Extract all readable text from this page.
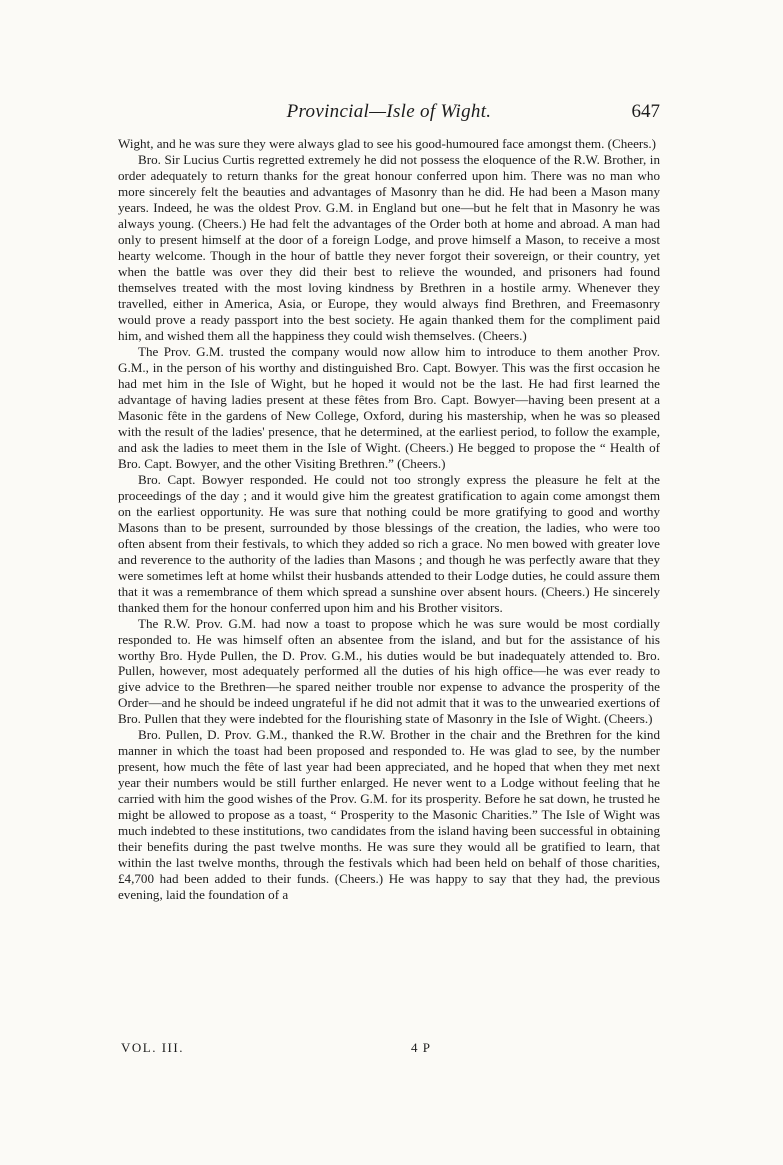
Provincial—Isle of Wight.	647

Wight, and he was sure they were always glad to see his good-humoured face amongst them. (Cheers.)

Bro. Sir Lucius Curtis regretted extremely he did not possess the eloquence of the R.W. Brother, in order adequately to return thanks for the great honour conferred upon him. There was no man who more sincerely felt the beauties and advantages of Masonry than he did. He had been a Mason many years. Indeed, he was the oldest Prov. G.M. in England but one—but he felt that in Masonry he was always young. (Cheers.) He had felt the advantages of the Order both at home and abroad. A man had only to present himself at the door of a foreign Lodge, and prove himself a Mason, to receive a most hearty welcome. Though in the hour of battle they never forgot their sovereign, or their country, yet when the battle was over they did their best to relieve the wounded, and prisoners had found themselves treated with the most loving kindness by Brethren in a hostile army. Whenever they travelled, either in America, Asia, or Europe, they would always find Brethren, and Freemasonry would prove a ready passport into the best society. He again thanked them for the compliment paid him, and wished them all the happiness they could wish themselves. (Cheers.)

The Prov. G.M. trusted the company would now allow him to introduce to them another Prov. G.M., in the person of his worthy and distinguished Bro. Capt. Bowyer. This was the first occasion he had met him in the Isle of Wight, but he hoped it would not be the last. He had first learned the advantage of having ladies present at these fêtes from Bro. Capt. Bowyer—having been present at a Masonic fête in the gardens of New College, Oxford, during his mastership, when he was so pleased with the result of the ladies' presence, that he determined, at the earliest period, to follow the example, and ask the ladies to meet them in the Isle of Wight. (Cheers.) He begged to propose the “ Health of Bro. Capt. Bowyer, and the other Visiting Brethren.” (Cheers.)

Bro. Capt. Bowyer responded. He could not too strongly express the pleasure he felt at the proceedings of the day ; and it would give him the greatest gratification to again come amongst them on the earliest opportunity. He was sure that nothing could be more gratifying to good and worthy Masons than to be present, surrounded by those blessings of the creation, the ladies, who were too often absent from their festivals, to which they added so rich a grace. No men bowed with greater love and reverence to the authority of the ladies than Masons ; and though he was perfectly aware that they were sometimes left at home whilst their husbands attended to their Lodge duties, he could assure them that it was a remembrance of them which spread a sunshine over absent hours. (Cheers.) He sincerely thanked them for the honour conferred upon him and his Brother visitors.

The R.W. Prov. G.M. had now a toast to propose which he was sure would be most cordially responded to. He was himself often an absentee from the island, and but for the assistance of his worthy Bro. Hyde Pullen, the D. Prov. G.M., his duties would be but inadequately attended to. Bro. Pullen, however, most adequately performed all the duties of his high office—he was ever ready to give advice to the Brethren—he spared neither trouble nor expense to advance the prosperity of the Order—and he should be indeed ungrateful if he did not admit that it was to the unwearied exertions of Bro. Pullen that they were indebted for the flourishing state of Masonry in the Isle of Wight. (Cheers.)

Bro. Pullen, D. Prov. G.M., thanked the R.W. Brother in the chair and the Brethren for the kind manner in which the toast had been proposed and responded to. He was glad to see, by the number present, how much the fête of last year had been appreciated, and he hoped that when they met next year their numbers would be still further enlarged. He never went to a Lodge without feeling that he carried with him the good wishes of the Prov. G.M. for its prosperity. Before he sat down, he trusted he might be allowed to propose as a toast, “ Prosperity to the Masonic Charities.” The Isle of Wight was much indebted to these institutions, two candidates from the island having been successful in obtaining their benefits during the past twelve months. He was sure they would all be gratified to learn, that within the last twelve months, through the festivals which had been held on behalf of those charities, £4,700 had been added to their funds. (Cheers.) He was happy to say that they had, the previous evening, laid the foundation of a

VOL. III.	4 P
